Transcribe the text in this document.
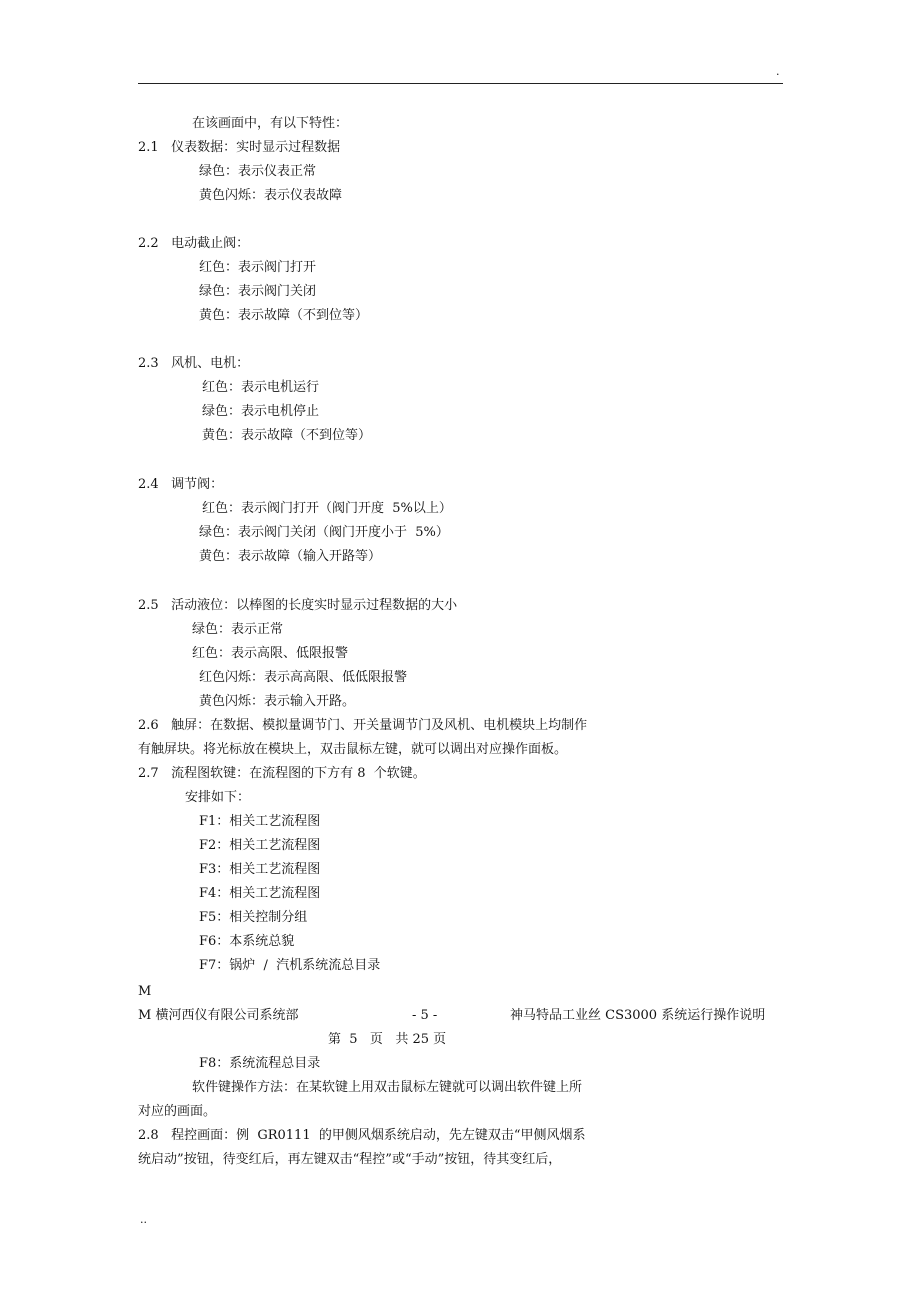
.
在该画面中，有以下特性：
2.1   仪表数据：实时显示过程数据
绿色：表示仪表正常
黄色闪烁：表示仪表故障
2.2   电动截止阀：
红色：表示阀门打开
绿色：表示阀门关闭
黄色：表示故障（不到位等）
2.3   风机、电机：
红色：表示电机运行
绿色：表示电机停止
黄色：表示故障（不到位等）
2.4   调节阀：
红色：表示阀门打开（阀门开度  5%以上）
绿色：表示阀门关闭（阀门开度小于  5%）
黄色：表示故障（输入开路等）
2.5   活动液位：以棒图的长度实时显示过程数据的大小
绿色：表示正常
红色：表示高限、低限报警
红色闪烁：表示高高限、低低限报警
黄色闪烁：表示输入开路。
2.6   触屏：在数据、模拟量调节门、开关量调节门及风机、电机模块上均制作
有触屏块。将光标放在模块上，双击鼠标左键，就可以调出对应操作面板。
2.7   流程图软键：在流程图的下方有 8  个软键。
安排如下：
F1：相关工艺流程图
F2：相关工艺流程图
F3：相关工艺流程图
F4：相关工艺流程图
F5：相关控制分组
F6：本系统总貌
F7：锅炉  /  汽机系统流总目录
M
M 横河西仪有限公司系统部	- 5 -	神马特品工业丝 CS3000 系统运行操作说明
第  5   页   共 25 页
F8：系统流程总目录
软件键操作方法：在某软键上用双击鼠标左键就可以调出软件键上所
对应的画面。
2.8   程控画面：例  GR0111  的甲侧风烟系统启动，先左键双击“甲侧风烟系
统启动”按钮，待变红后，再左键双击“程控”或“手动”按钮，待其变红后，
..
